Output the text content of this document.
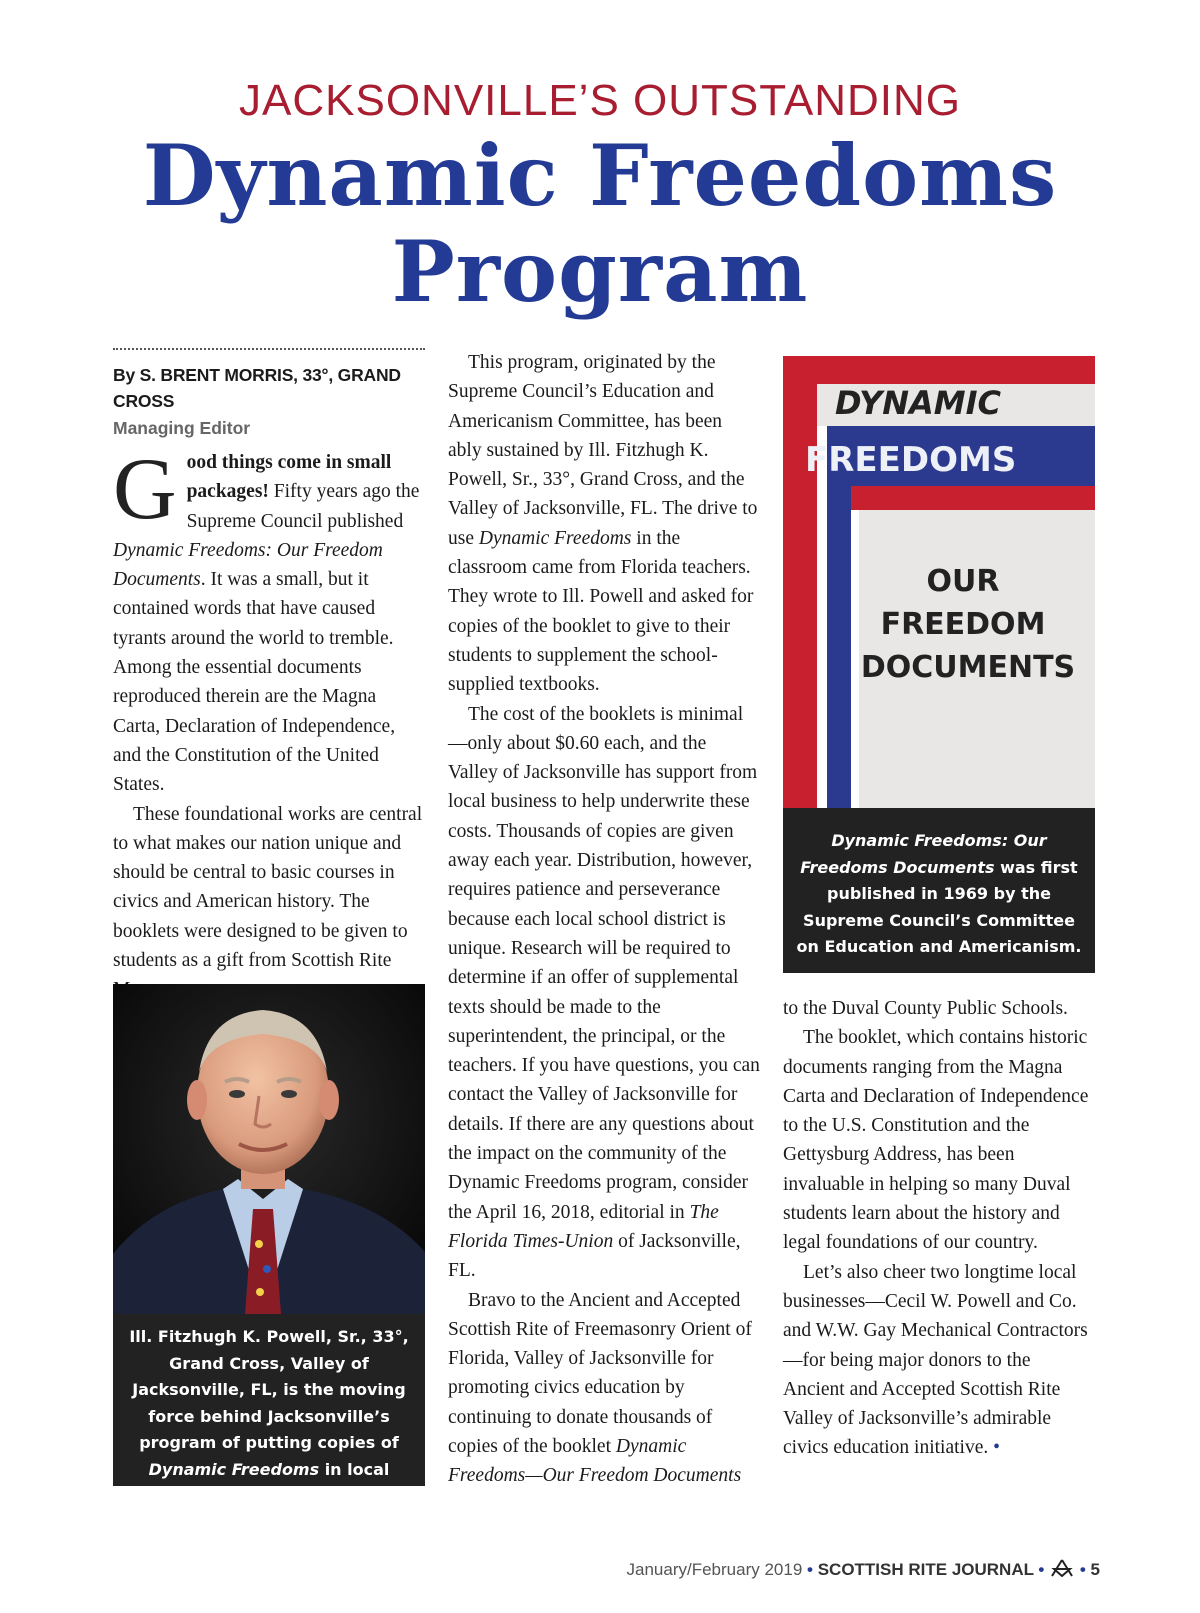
JACKSONVILLE’S OUTSTANDING
Dynamic Freedoms
Program
By S. BRENT MORRIS, 33°, GRAND CROSS
Managing Editor

Good things come in small packages! Fifty years ago the Supreme Council published Dynamic Freedoms: Our Freedom Documents. It was a small, but it contained words that have caused tyrants around the world to tremble. Among the essential documents reproduced therein are the Magna Carta, Declaration of Independence, and the Constitution of the United States.

These foundational works are central to what makes our nation unique and should be central to basic courses in civics and American history. The booklets were designed to be given to students as a gift from Scottish Rite

Ill. Fitzhugh K. Powell, Sr., 33°, Grand Cross, Valley of Jacksonville, FL, is the moving force behind Jacksonville’s program of putting copies of Dynamic Freedoms in local classrooms.

This program, originated by the Supreme Council’s Education and Americanism Committee, has been ably sustained by Ill. Fitzhugh K. Powell, Sr., 33°, Grand Cross, and the Valley of Jacksonville, FL. The drive to use Dynamic Freedoms in the classroom came from Florida teachers. They wrote to Ill. Powell and asked for copies of the booklet to give to their students to supplement the school-supplied textbooks.

The cost of the booklets is minimal—only about $0.60 each, and the Valley of Jacksonville has support from local business to help underwrite these costs. Thousands of copies are given away each year. Distribution, however, requires patience and perseverance because each local school district is unique. Research will be required to determine if an offer of supplemental texts should be made to the superintendent, the principal, or the teachers. If you have questions, you can contact the Valley of Jacksonville for details. If there are any questions about the impact on the community of the Dynamic Freedoms program, consider the April 16, 2018, editorial in The Florida Times-Union of Jacksonville, FL.

Bravo to the Ancient and Accepted Scottish Rite of Freemasonry Orient of Florida, Valley of Jacksonville for promoting civics education by continuing to donate thousands of copies of the booklet Dynamic Freedoms—Our Freedom Documents

DYNAMIC
FREEDOMS
OUR
FREEDOM
DOCUMENTS
Dynamic Freedoms: Our Freedoms Documents was first published in 1969 by the Supreme Council’s Committee on Education and Americanism.

to the Duval County Public Schools.

The booklet, which contains historic documents ranging from the Magna Carta and Declaration of Independence to the U.S. Constitution and the Gettysburg Address, has been invaluable in helping so many Duval students learn about the history and legal foundations of our country.

Let’s also cheer two longtime local businesses—Cecil W. Powell and Co. and W.W. Gay Mechanical Contractors—for being major donors to the Ancient and Accepted Scottish Rite Valley of Jacksonville’s admirable civics education initiative. •

January/February 2019 • SCOTTISH RITE JOURNAL • • 5
